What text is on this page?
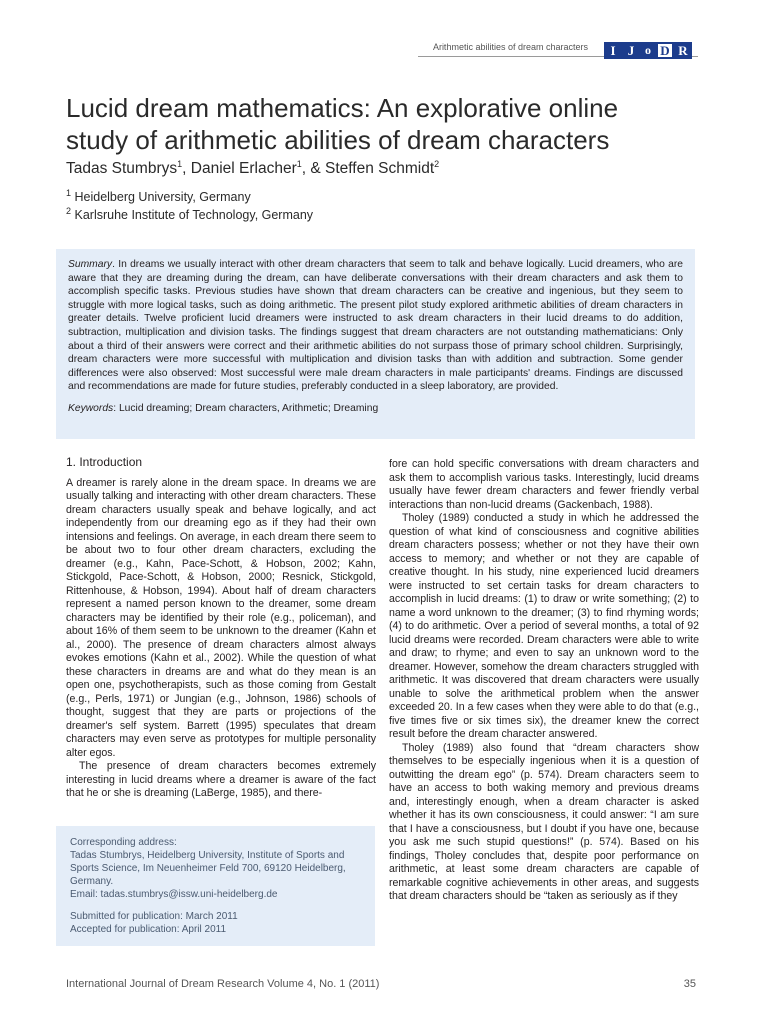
Arithmetic abilities of dream characters	I J o D R
Lucid dream mathematics: An explorative online
study of arithmetic abilities of dream characters
Tadas Stumbrys$^1$, Daniel Erlacher$^1$, & Steffen Schmidt$^2$
$^1$ Heidelberg University, Germany
$^2$ Karlsruhe Institute of Technology, Germany

Summary. In dreams we usually interact with other dream characters that seem to talk and behave logically. Lucid dreamers, who are aware that they are dreaming during the dream, can have deliberate conversations with their dream characters and ask them to accomplish specific tasks. Previous studies have shown that dream characters can be creative and ingenious, but they seem to struggle with more logical tasks, such as doing arithmetic. The present pilot study explored arithmetic abilities of dream characters in greater details. Twelve proficient lucid dreamers were instructed to ask dream characters in their lucid dreams to do addition, subtraction, multiplication and division tasks. The findings suggest that dream characters are not outstanding mathematicians: Only about a third of their answers were correct and their arithmetic abilities do not surpass those of primary school children. Surprisingly, dream characters were more successful with multiplication and division tasks than with addition and subtraction. Some gender differences were also observed: Most successful were male dream characters in male participants' dreams. Findings are discussed and recommendations are made for future studies, preferably conducted in a sleep laboratory, are provided.

Keywords: Lucid dreaming; Dream characters, Arithmetic; Dreaming

1. Introduction

A dreamer is rarely alone in the dream space. In dreams we are usually talking and interacting with other dream characters. These dream characters usually speak and behave logically, and act independently from our dreaming ego as if they had their own intensions and feelings. On average, in each dream there seem to be about two to four other dream characters, excluding the dreamer (e.g., Kahn, Pace-Schott, & Hobson, 2002; Kahn, Stickgold, Pace-Schott, & Hobson, 2000; Resnick, Stickgold, Rittenhouse, & Hobson, 1994). About half of dream characters represent a named person known to the dreamer, some dream characters may be identified by their role (e.g., policeman), and about 16% of them seem to be unknown to the dreamer (Kahn et al., 2000). The presence of dream characters almost always evokes emotions (Kahn et al., 2002). While the question of what these characters in dreams are and what do they mean is an open one, psychotherapists, such as those coming from Gestalt (e.g., Perls, 1971) or Jungian (e.g., Johnson, 1986) schools of thought, suggest that they are parts or projections of the dreamer's self system. Barrett (1995) speculates that dream characters may even serve as prototypes for multiple personality alter egos.

The presence of dream characters becomes extremely interesting in lucid dreams where a dreamer is aware of the fact that he or she is dreaming (LaBerge, 1985), and there-

fore can hold specific conversations with dream characters and ask them to accomplish various tasks. Interestingly, lucid dreams usually have fewer dream characters and fewer friendly verbal interactions than non-lucid dreams (Gackenbach, 1988).

Tholey (1989) conducted a study in which he addressed the question of what kind of consciousness and cognitive abilities dream characters possess; whether or not they have their own access to memory; and whether or not they are capable of creative thought. In his study, nine experienced lucid dreamers were instructed to set certain tasks for dream characters to accomplish in lucid dreams: (1) to draw or write something; (2) to name a word unknown to the dreamer; (3) to find rhyming words; (4) to do arithmetic. Over a period of several months, a total of 92 lucid dreams were recorded. Dream characters were able to write and draw; to rhyme; and even to say an unknown word to the dreamer. However, somehow the dream characters struggled with arithmetic. It was discovered that dream characters were usually unable to solve the arithmetical problem when the answer exceeded 20. In a few cases when they were able to do that (e.g., five times five or six times six), the dreamer knew the correct result before the dream character answered.

Tholey (1989) also found that “dream characters show themselves to be especially ingenious when it is a question of outwitting the dream ego” (p. 574). Dream characters seem to have an access to both waking memory and previous dreams and, interestingly enough, when a dream character is asked whether it has its own consciousness, it could answer: “I am sure that I have a consciousness, but I doubt if you have one, because you ask me such stupid questions!” (p. 574). Based on his findings, Tholey concludes that, despite poor performance on arithmetic, at least some dream characters are capable of remarkable cognitive achievements in other areas, and suggests that dream characters should be “taken as seriously as if they

Corresponding address:
Tadas Stumbrys, Heidelberg University, Institute of Sports and Sports Science, Im Neuenheimer Feld 700, 69120 Heidelberg, Germany.
Email: tadas.stumbrys@issw.uni-heidelberg.de
Submitted for publication: March 2011
Accepted for publication: April 2011
International Journal of Dream Research Volume 4, No. 1 (2011)	35
